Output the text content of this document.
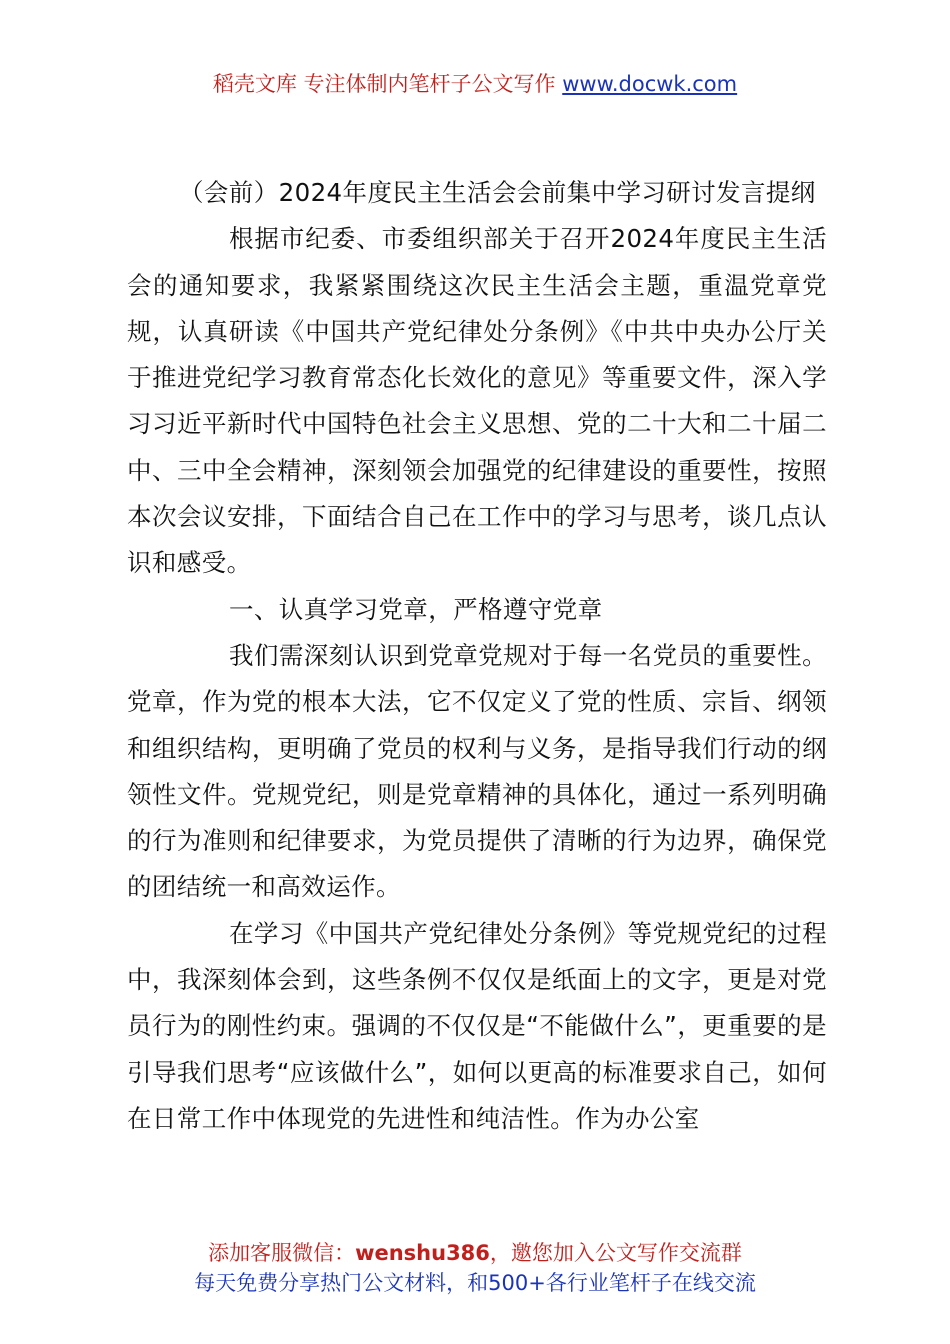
稻壳文库 专注体制内笔杆子公文写作 www.docwk.com

（会前）2024年度民主生活会会前集中学习研讨发言提纲

根据市纪委、市委组织部关于召开2024年度民主生活会的通知要求，我紧紧围绕这次民主生活会主题，重温党章党规，认真研读《中国共产党纪律处分条例》《中共中央办公厅关于推进党纪学习教育常态化长效化的意见》等重要文件，深入学习习近平新时代中国特色社会主义思想、党的二十大和二十届二中、三中全会精神，深刻领会加强党的纪律建设的重要性，按照本次会议安排，下面结合自己在工作中的学习与思考，谈几点认识和感受。

一、认真学习党章，严格遵守党章

我们需深刻认识到党章党规对于每一名党员的重要性。党章，作为党的根本大法，它不仅定义了党的性质、宗旨、纲领和组织结构，更明确了党员的权利与义务，是指导我们行动的纲领性文件。党规党纪，则是党章精神的具体化，通过一系列明确的行为准则和纪律要求，为党员提供了清晰的行为边界，确保党的团结统一和高效运作。

在学习《中国共产党纪律处分条例》等党规党纪的过程中，我深刻体会到，这些条例不仅仅是纸面上的文字，更是对党员行为的刚性约束。强调的不仅仅是“不能做什么”，更重要的是引导我们思考“应该做什么”，如何以更高的标准要求自己，如何在日常工作中体现党的先进性和纯洁性。作为办公室

添加客服微信：wenshu386，邀您加入公文写作交流群
每天免费分享热门公文材料，和500+各行业笔杆子在线交流
